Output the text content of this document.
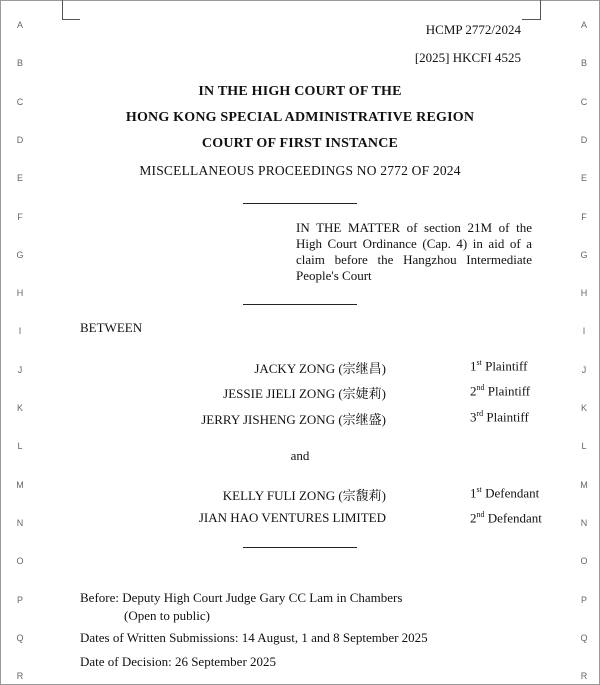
A
B
C
D
E
F
G
H
I
J
K
L
M
N
O
P
Q
R
A
B
C
D
E
F
G
H
I
J
K
L
M
N
O
P
Q
R
HCMP 2772/2024
[2025] HKCFI 4525
IN THE HIGH COURT OF THE
HONG KONG SPECIAL ADMINISTRATIVE REGION
COURT OF FIRST INSTANCE
MISCELLANEOUS PROCEEDINGS NO 2772 OF 2024
IN THE MATTER of section 21M of the High Court Ordinance (Cap. 4) in aid of a claim before the Hangzhou Intermediate People's Court
BETWEEN
JACKY ZONG (宗继昌)	1st Plaintiff
JESSIE JIELI ZONG (宗婕莉)	2nd Plaintiff
JERRY JISHENG ZONG (宗继盛)	3rd Plaintiff
and
KELLY FULI ZONG (宗馥莉)	1st Defendant
JIAN HAO VENTURES LIMITED	2nd Defendant
Before: Deputy High Court Judge Gary CC Lam in Chambers
(Open to public)
Dates of Written Submissions: 14 August, 1 and 8 September 2025
Date of Decision: 26 September 2025
